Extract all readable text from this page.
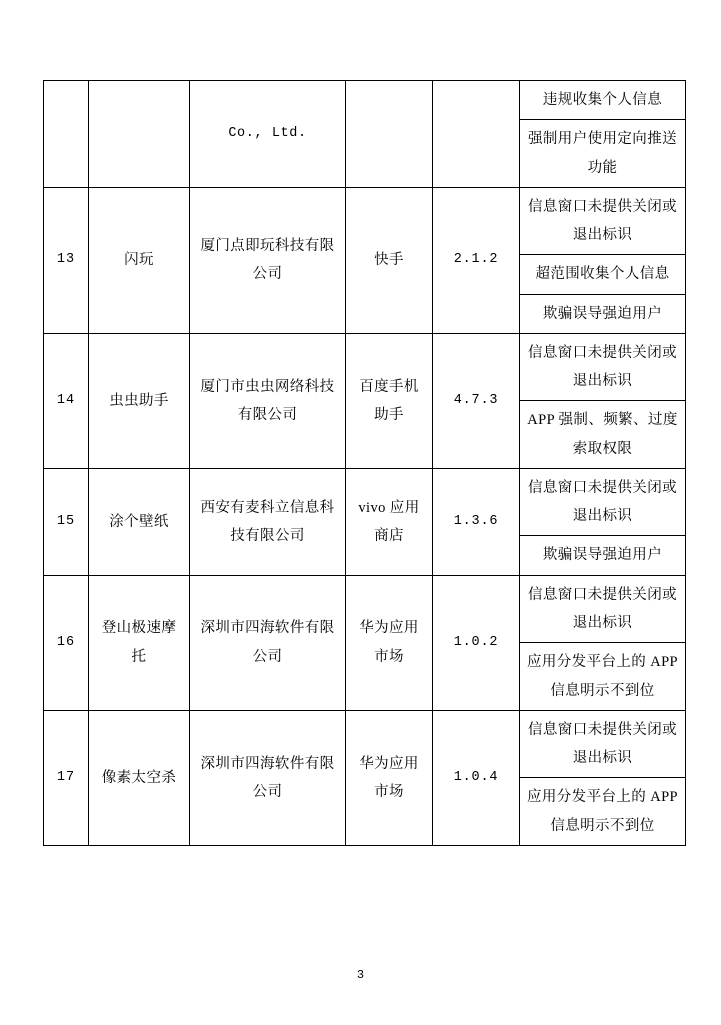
		Co., Ltd.			违规收集个人信息
强制用户使用定向推送功能

13	闪玩	厦门点即玩科技有限公司	快手	2.1.2	信息窗口未提供关闭或退出标识
超范围收集个人信息
欺骗误导强迫用户

14	虫虫助手	厦门市虫虫网络科技有限公司	百度手机助手	4.7.3	信息窗口未提供关闭或退出标识
APP 强制、频繁、过度索取权限

15	涂个壁纸	西安有麦科立信息科技有限公司	vivo 应用商店	1.3.6	信息窗口未提供关闭或退出标识
欺骗误导强迫用户

16	登山极速摩托	深圳市四海软件有限公司	华为应用市场	1.0.2	信息窗口未提供关闭或退出标识
应用分发平台上的 APP 信息明示不到位

17	像素太空杀	深圳市四海软件有限公司	华为应用市场	1.0.4	信息窗口未提供关闭或退出标识
应用分发平台上的 APP 信息明示不到位
3
